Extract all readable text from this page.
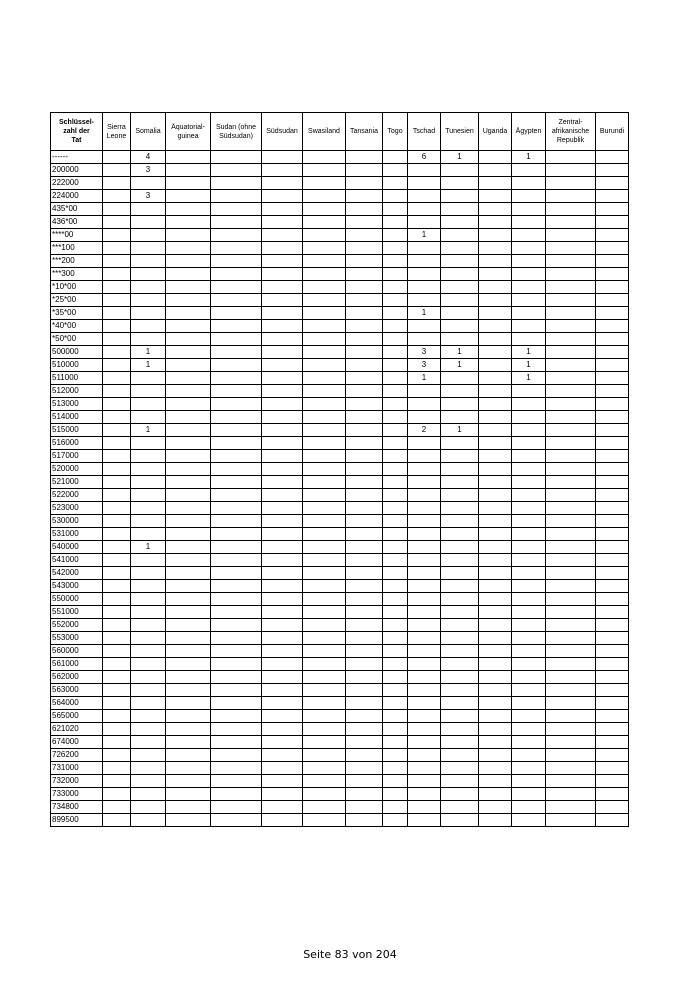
Schlüssel-
zahl der
Tat	Sierra
Leone	Somalia	Äquatorial-
guinea	Sudan (ohne
Südsudan)	Südsudan	Swasiland	Tansania	Togo	Tschad	Tunesien	Uganda	Ägypten	Zentral-
afrikanische
Republik	Burundi
------		4							6	1		1		
200000		3												
222000														
224000		3												
435*00														
436*00														
****00									1					
***100														
***200														
***300														
*10*00														
*25*00														
*35*00									1					
*40*00														
*50*00														
500000		1							3	1		1		
510000		1							3	1		1		
511000									1			1		
512000														
513000														
514000														
515000		1							2	1				
516000														
517000														
520000														
521000														
522000														
523000														
530000														
531000														
540000		1												
541000														
542000														
543000														
550000														
551000														
552000														
553000														
560000														
561000														
562000														
563000														
564000														
565000														
621020														
674000														
726200														
731000														
732000														
733000														
734800														
899500														
Seite 83 von 204
